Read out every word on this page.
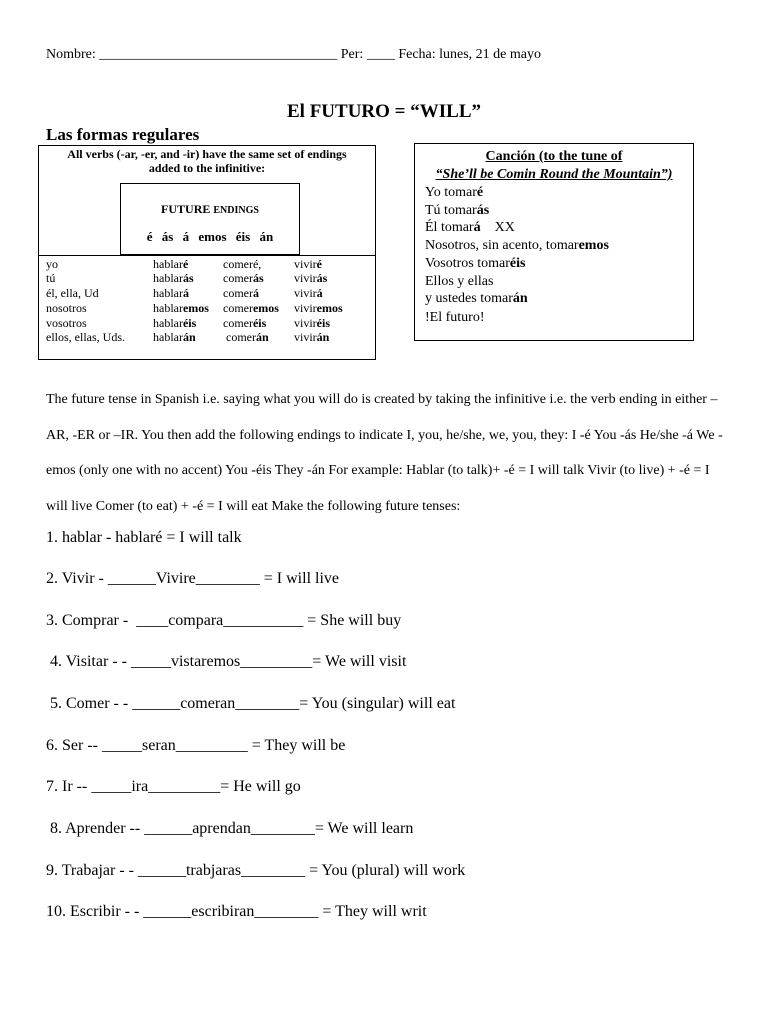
Nombre: __________________________________ Per: ____ Fecha: lunes, 21 de mayo
El FUTURO = “WILL”
Las formas regulares
All verbs (-ar, -er, and -ir) have the same set of endings
added to the infinitive:
FUTURE ENDINGS
é ás á emos éis án
yo	hablaré	comeré,	viviré
tú	hablarás comerás	vivirás
él, ella, Ud	hablará	comerá	vivirá
nosotros	hablaremos comeremos viviremos
vosotros	hablaréis comeréis viviréis
ellos, ellas, Uds. hablarán	comerán vivirán
Canción (to the tune of
“She’ll be Comin Round the Mountain”)
Yo tomaré
Tú tomarás
Él tomará    XX
Nosotros, sin acento, tomaremos
Vosotros tomaréis
Ellos y ellas
y ustedes tomarán
!El futuro!
The future tense in Spanish i.e. saying what you will do is created by taking the infinitive i.e. the verb ending in either –AR, -ER or –IR. You then add the following endings to indicate I, you, he/she, we, you, they: I -é You -ás He/she -á We -emos (only one with no accent) You -éis They -án For example: Hablar (to talk)+ -é = I will talk Vivir (to live) + -é = I will live Comer (to eat) + -é = I will eat Make the following future tenses:
1. hablar - hablaré = I will talk
2. Vivir - ______Vivire________ = I will live
3. Comprar -  ____compara__________ = She will buy
4. Visitar - - _____vistaremos_________= We will visit
5. Comer - - ______comeran________= You (singular) will eat
6. Ser -- _____seran_________ = They will be
7. Ir -- _____ira_________= He will go
8. Aprender -- ______aprendan________= We will learn
9. Trabajar - - ______trabjaras________ = You (plural) will work
10. Escribir - - ______escribiran________ = They will writ
